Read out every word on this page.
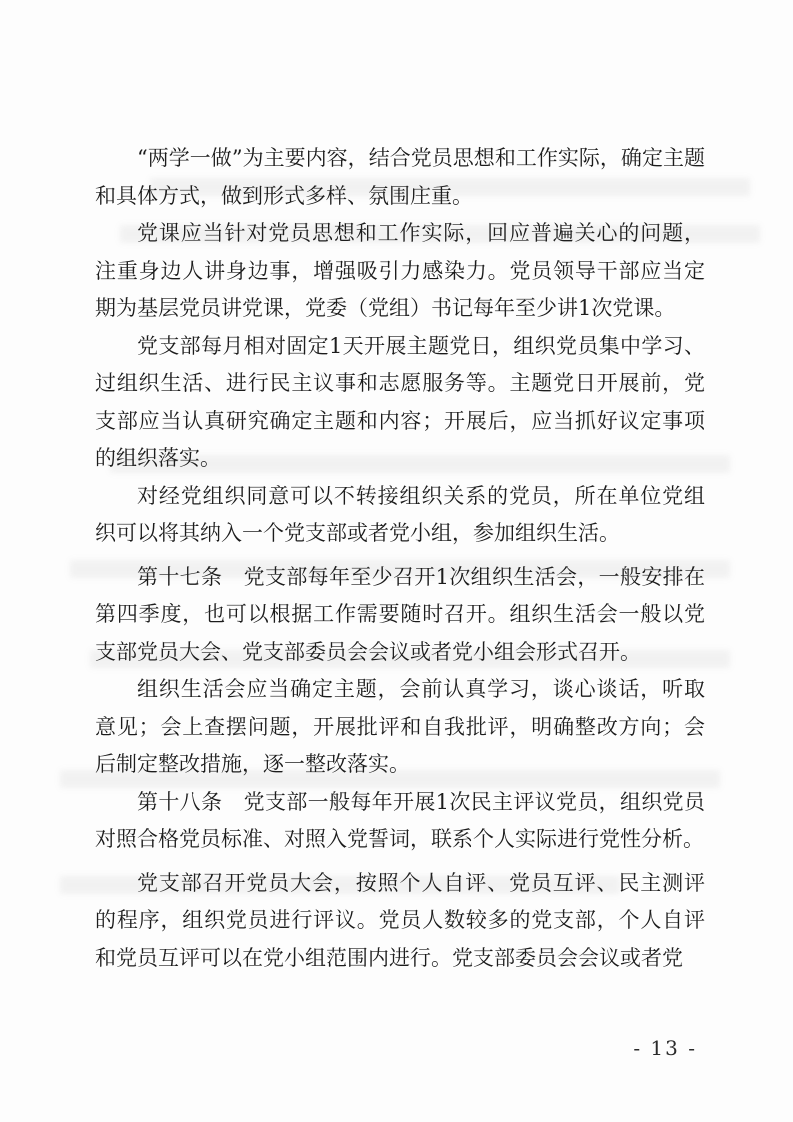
“两学一做”为主要内容，结合党员思想和工作实际，确定主题
和具体方式，做到形式多样、氛围庄重。
党课应当针对党员思想和工作实际，回应普遍关心的问题，
注重身边人讲身边事，增强吸引力感染力。党员领导干部应当定
期为基层党员讲党课，党委（党组）书记每年至少讲1次党课。
党支部每月相对固定1天开展主题党日，组织党员集中学习、
过组织生活、进行民主议事和志愿服务等。主题党日开展前，党
支部应当认真研究确定主题和内容；开展后，应当抓好议定事项
的组织落实。
对经党组织同意可以不转接组织关系的党员，所在单位党组
织可以将其纳入一个党支部或者党小组，参加组织生活。
第十七条　党支部每年至少召开1次组织生活会，一般安排在
第四季度，也可以根据工作需要随时召开。组织生活会一般以党
支部党员大会、党支部委员会会议或者党小组会形式召开。
组织生活会应当确定主题，会前认真学习，谈心谈话，听取
意见；会上查摆问题，开展批评和自我批评，明确整改方向；会
后制定整改措施，逐一整改落实。
第十八条　党支部一般每年开展1次民主评议党员，组织党员
对照合格党员标准、对照入党誓词，联系个人实际进行党性分析。
党支部召开党员大会，按照个人自评、党员互评、民主测评
的程序，组织党员进行评议。党员人数较多的党支部，个人自评
和党员互评可以在党小组范围内进行。党支部委员会会议或者党
- 13 -
